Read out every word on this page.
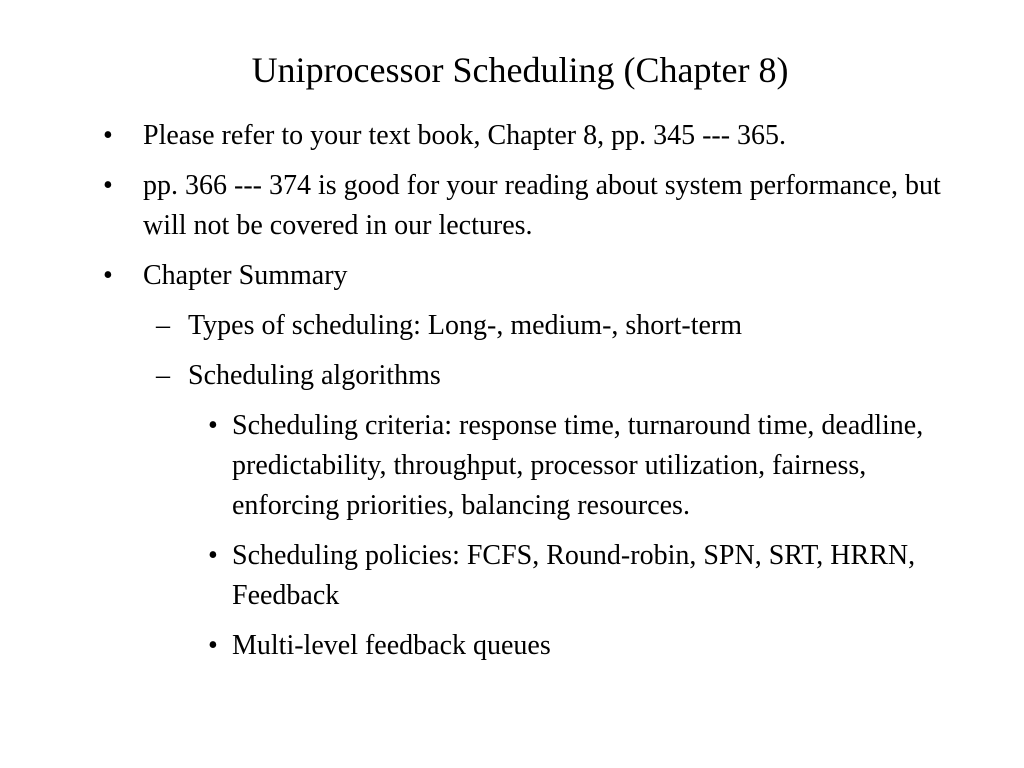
Uniprocessor Scheduling (Chapter 8)
• Please refer to your text book, Chapter 8, pp. 345 --- 365.
• pp. 366 --- 374 is good for your reading about system performance, but will not be covered in our lectures.
• Chapter Summary
– Types of scheduling: Long-, medium-, short-term
– Scheduling algorithms
• Scheduling criteria: response time, turnaround time, deadline, predictability, throughput, processor utilization, fairness, enforcing priorities, balancing resources.
• Scheduling policies: FCFS, Round-robin, SPN, SRT, HRRN, Feedback
• Multi-level feedback queues
